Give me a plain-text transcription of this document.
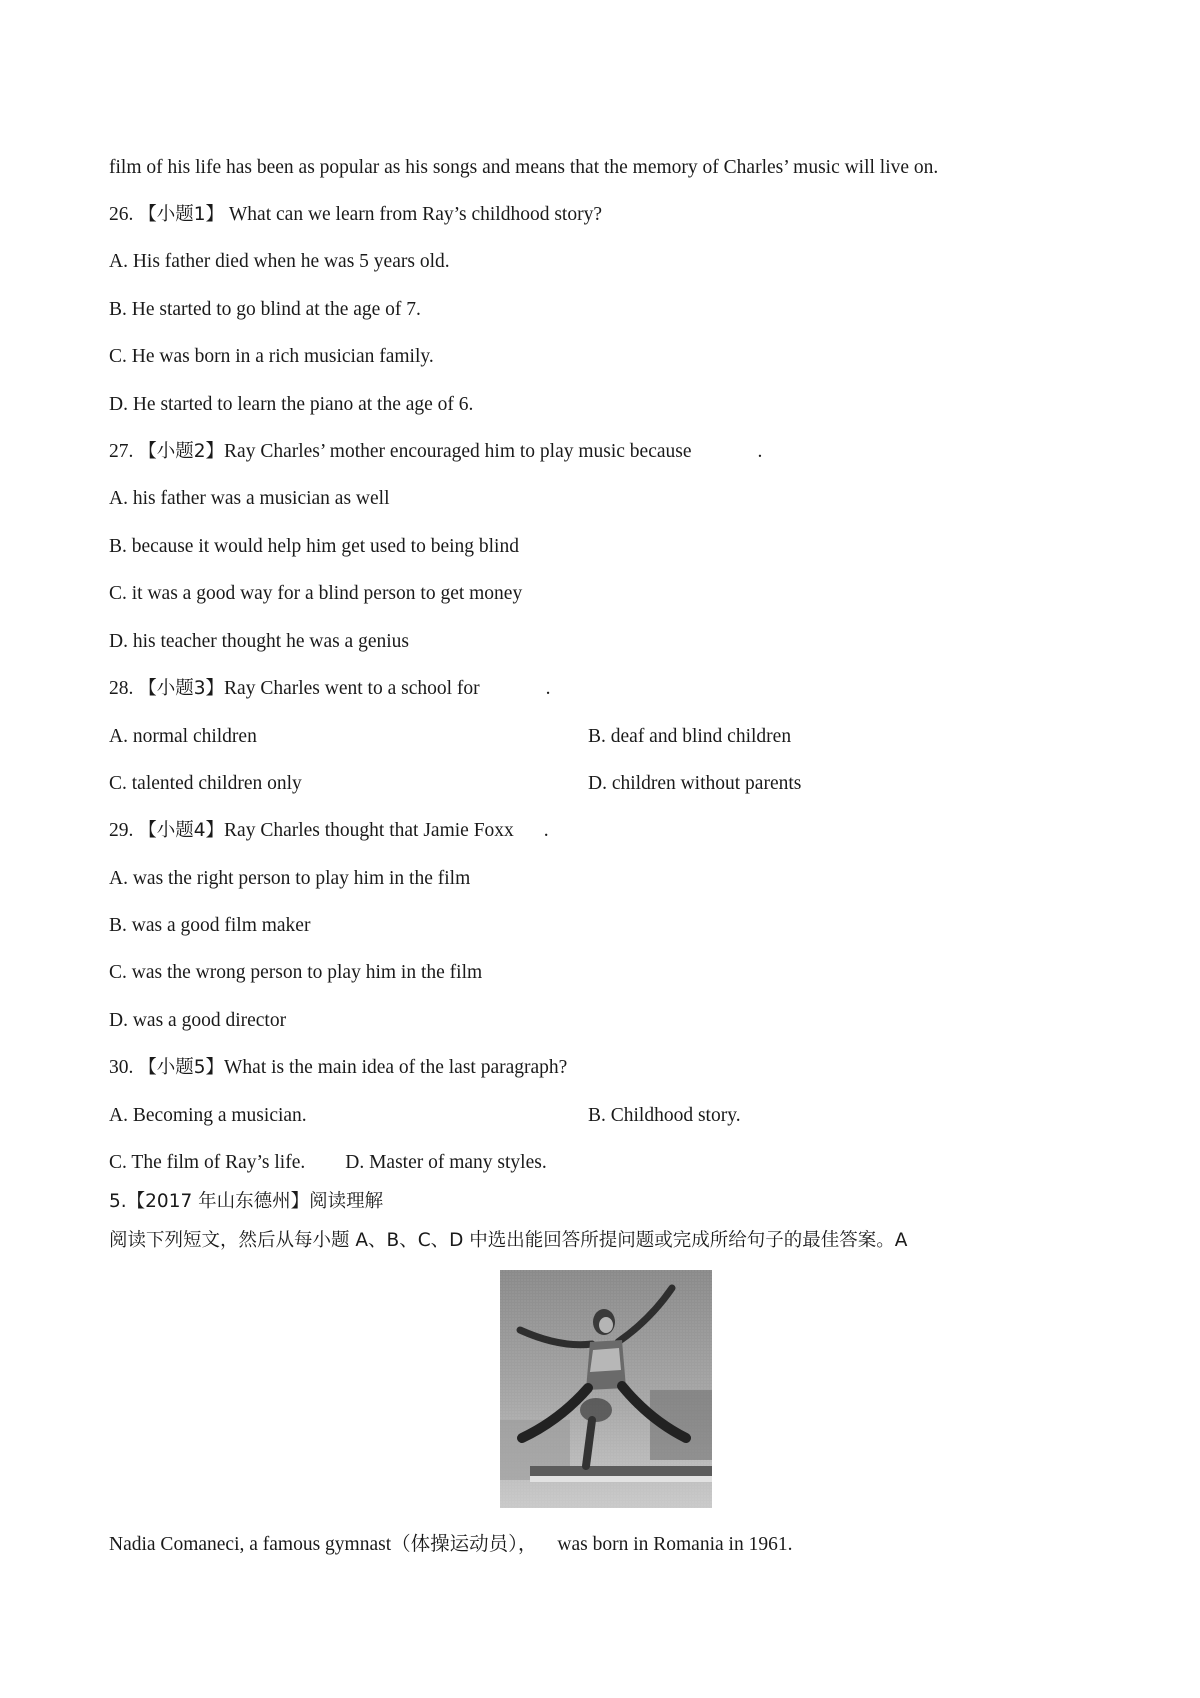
film of his life has been as popular as his songs and means that the memory of Charles’ music will live on.
26. 【小题1】 What can we learn from Ray’s childhood story?
A. His father died when he was 5 years old.
B. He started to go blind at the age of 7.
C. He was born in a rich musician family.
D. He started to learn the piano at the age of 6.
27. 【小题2】Ray Charles’ mother encouraged him to play music because	.
A. his father was a musician as well
B. because it would help him get used to being blind
C. it was a good way for a blind person to get money
D. his teacher thought he was a genius
28. 【小题3】Ray Charles went to a school for	.
A. normal children	B. deaf and blind children
C. talented children only	D. children without parents
29. 【小题4】Ray Charles thought that Jamie Foxx .
A. was the right person to play him in the film
B. was a good film maker
C. was the wrong person to play him in the film
D. was a good director
30. 【小题5】What is the main idea of the last paragraph?
A. Becoming a musician.	B. Childhood story.
C. The film of Ray’s life. D. Master of many styles.
5.【2017 年山东德州】阅读理解
阅读下列短文，然后从每小题 A、B、C、D 中选出能回答所提问题或完成所给句子的最佳答案。A
Nadia Comaneci, a famous gymnast（体操运动员）， was born in Romania in 1961.
